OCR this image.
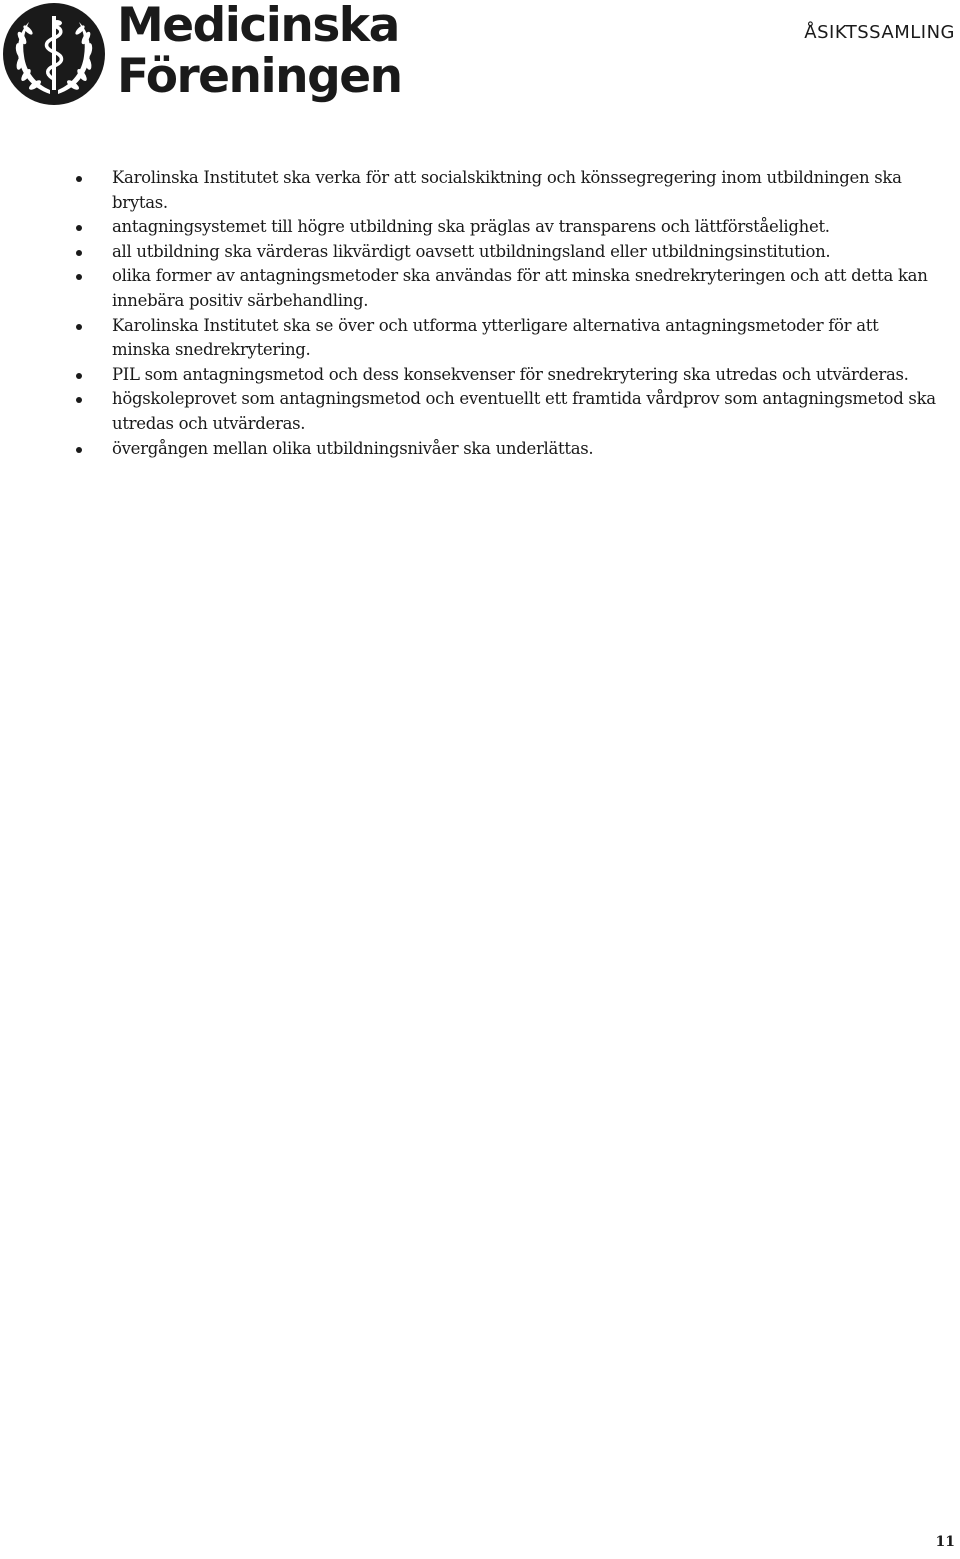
Medicinska
Föreningen
ÅSIKTSSAMLING
Karolinska Institutet ska verka för att socialskiktning och könssegregering inom utbildningen ska brytas.
antagningsystemet till högre utbildning ska präglas av transparens och lättförståelighet.
all utbildning ska värderas likvärdigt oavsett utbildningsland eller utbildningsinstitution.
olika former av antagningsmetoder ska användas för att minska snedrekryteringen och att detta kan innebära positiv särbehandling.
Karolinska Institutet ska se över och utforma ytterligare alternativa antagningsmetoder för att minska snedrekrytering.
PIL som antagningsmetod och dess konsekvenser för snedrekrytering ska utredas och utvärderas.
högskoleprovet som antagningsmetod och eventuellt ett framtida vårdprov som antagningsmetod ska utredas och utvärderas.
övergången mellan olika utbildningsnivåer ska underlättas.
11
